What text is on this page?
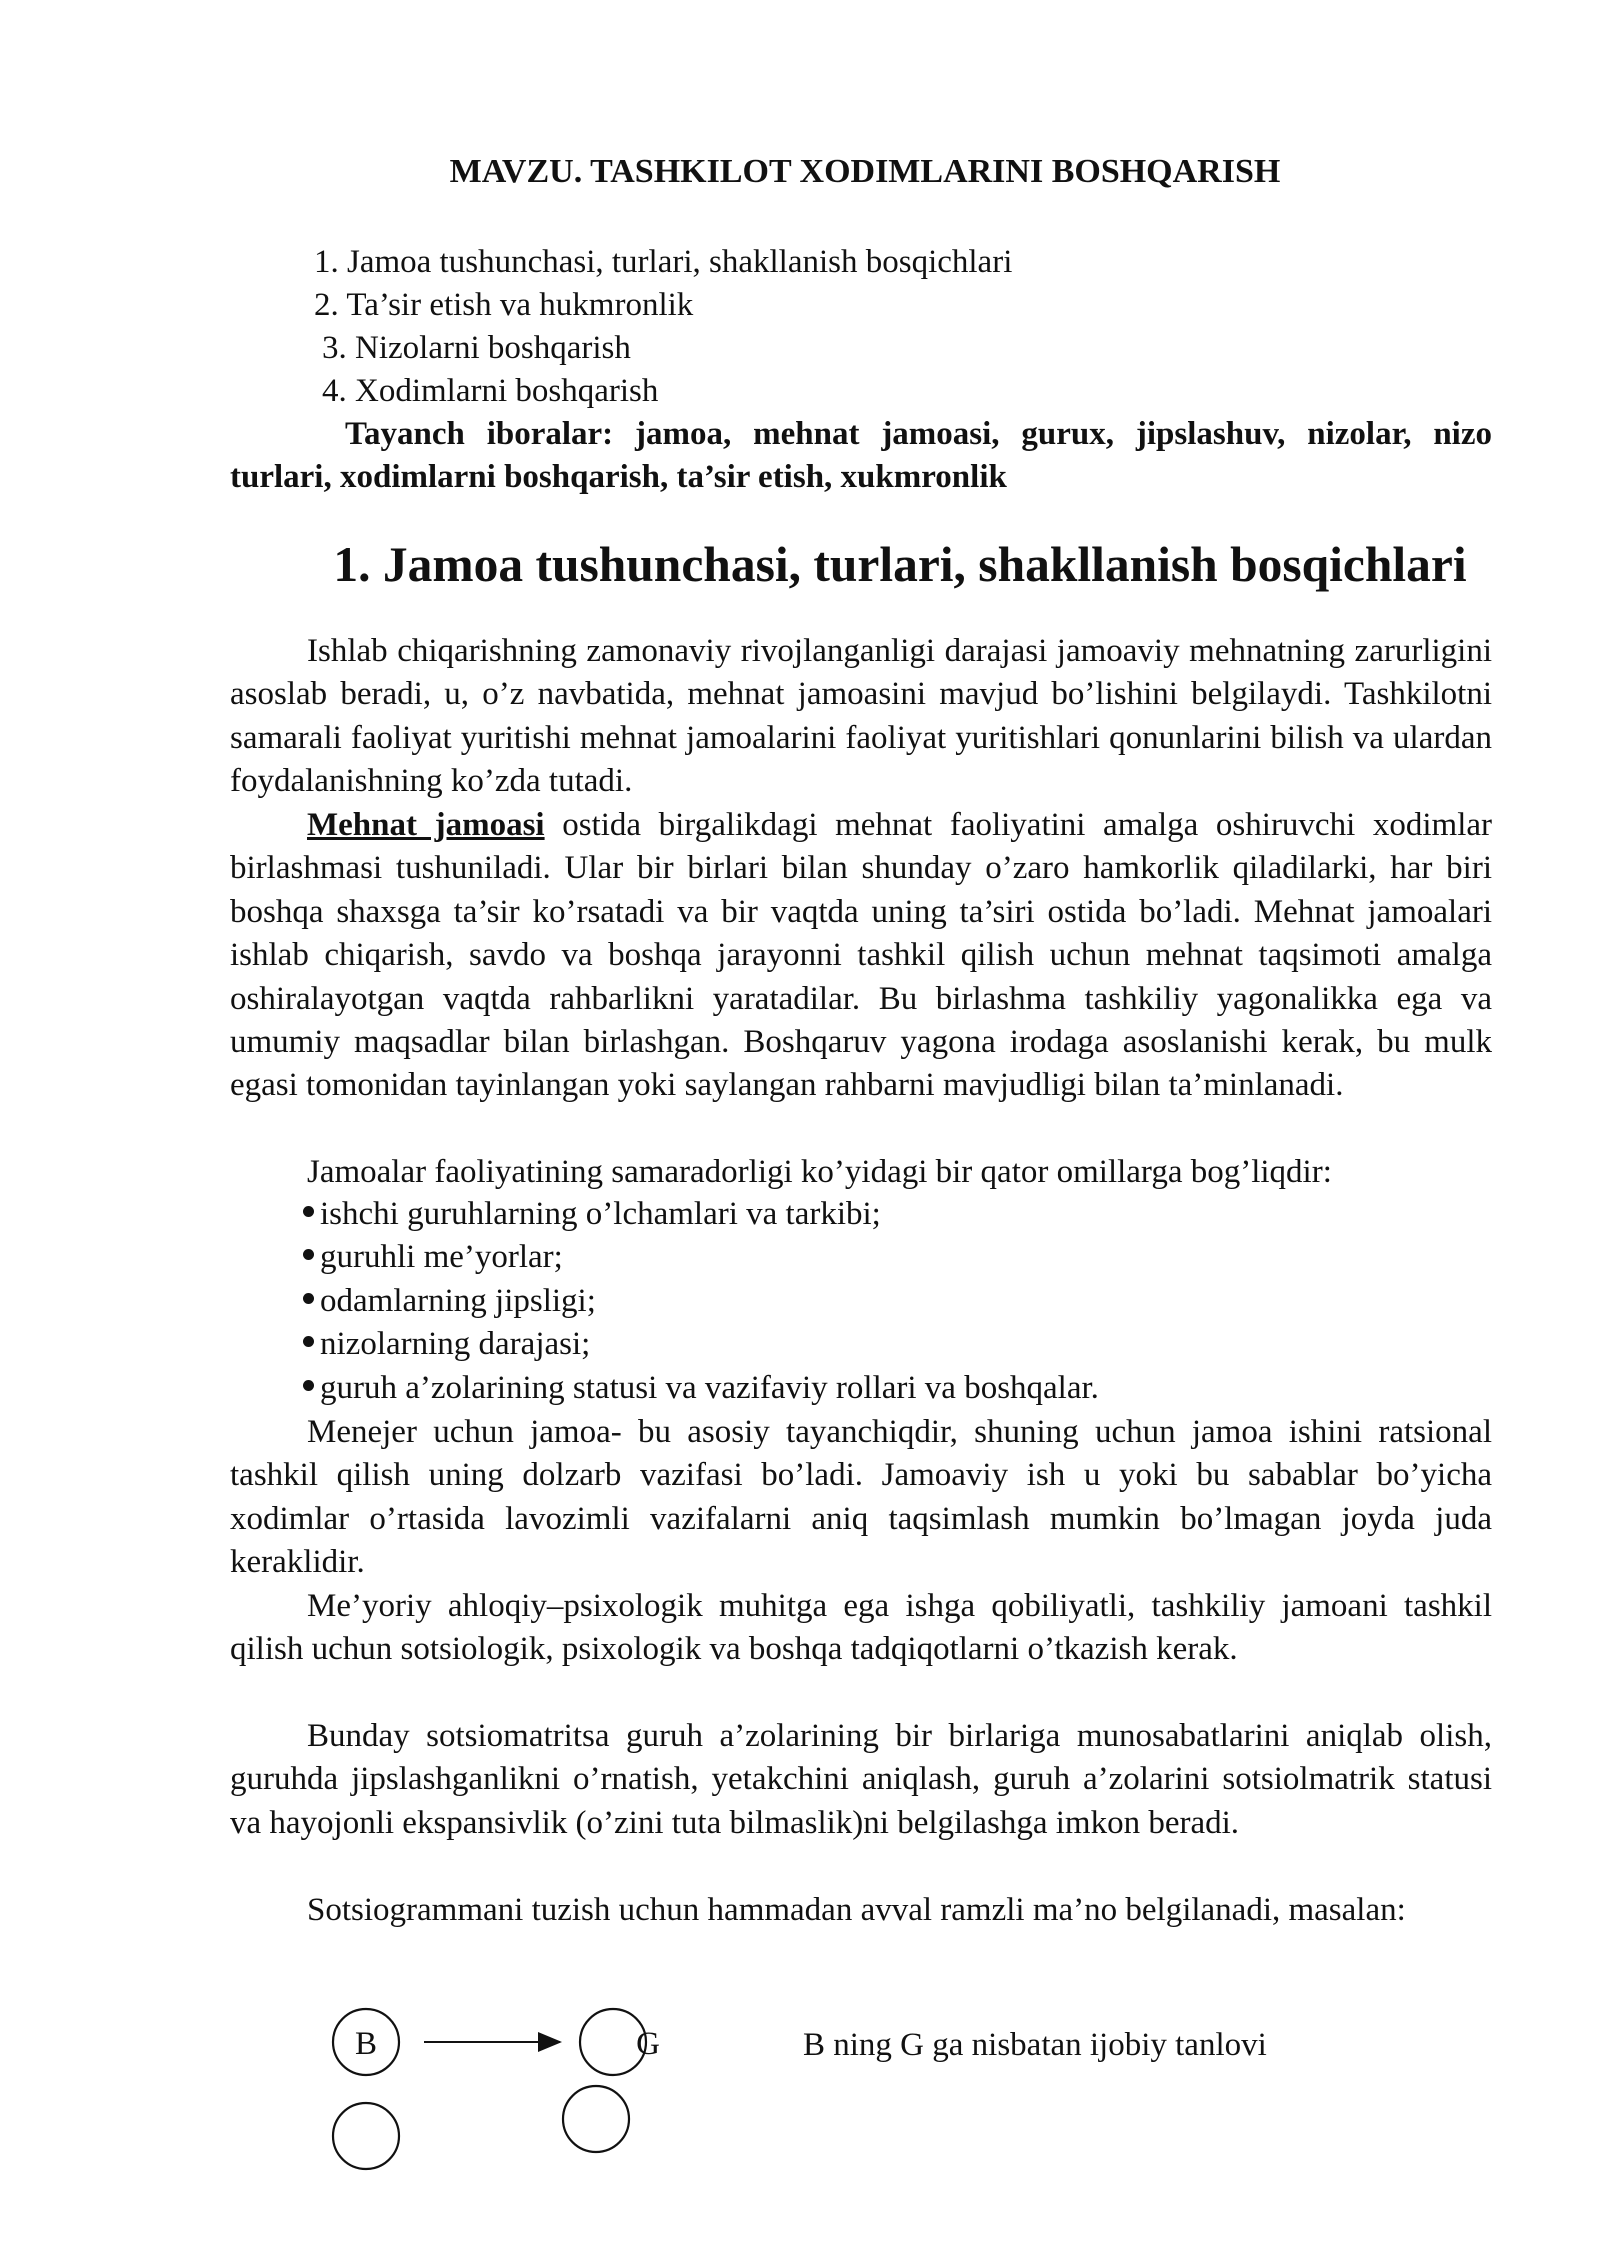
MAVZU. TASHKILOT XODIMLARINI BOSHQARISH
1. Jamoa tushunchasi, turlari, shakllanish bosqichlari
2. Ta’sir etish va hukmronlik
3. Nizolarni boshqarish
4. Xodimlarni boshqarish

Tayanch iboralar: jamoa, mehnat jamoasi, gurux, jipslashuv, nizolar, nizo turlari, xodimlarni boshqarish, ta’sir etish, xukmronlik

1. Jamoa tushunchasi, turlari, shakllanish bosqichlari

Ishlab chiqarishning zamonaviy rivojlanganligi darajasi jamoaviy mehnatning zarurligini asoslab beradi, u, o’z navbatida, mehnat jamoasini mavjud bo’lishini belgilaydi. Tashkilotni samarali faoliyat yuritishi mehnat jamoalarini faoliyat yuritishlari qonunlarini bilish va ulardan foydalanishning ko’zda tutadi.

Mehnat jamoasi ostida birgalikdagi mehnat faoliyatini amalga oshiruvchi xodimlar birlashmasi tushuniladi. Ular bir birlari bilan shunday o’zaro hamkorlik qiladilarki, har biri boshqa shaxsga ta’sir ko’rsatadi va bir vaqtda uning ta’siri ostida bo’ladi. Mehnat jamoalari ishlab chiqarish, savdo va boshqa jarayonni tashkil qilish uchun mehnat taqsimoti amalga oshiralayotgan vaqtda rahbarlikni yaratadilar. Bu birlashma tashkiliy yagonalikka ega va umumiy maqsadlar bilan birlashgan. Boshqaruv yagona irodaga asoslanishi kerak, bu mulk egasi tomonidan tayinlangan yoki saylangan rahbarni mavjudligi bilan ta’minlanadi.

Jamoalar faoliyatining samaradorligi ko’yidagi bir qator omillarga bog’liqdir:

ishchi guruhlarning o’lchamlari va tarkibi;
guruhli me’yorlar;
odamlarning jipsligi;
nizolarning darajasi;
guruh a’zolarining statusi va vazifaviy rollari va boshqalar.

Menejer uchun jamoa- bu asosiy tayanchiqdir, shuning uchun jamoa ishini ratsional tashkil qilish uning dolzarb vazifasi bo’ladi. Jamoaviy ish u yoki bu sabablar bo’yicha xodimlar o’rtasida lavozimli vazifalarni aniq taqsimlash mumkin bo’lmagan joyda juda keraklidir.

Me’yoriy ahloqiy–psixologik muhitga ega ishga qobiliyatli, tashkiliy jamoani tashkil qilish uchun sotsiologik, psixologik va boshqa tadqiqotlarni o’tkazish kerak.

Bunday sotsiomatritsa guruh a’zolarining bir birlariga munosabatlarini aniqlab olish, guruhda jipslashganlikni o’rnatish, yetakchini aniqlash, guruh a’zolarini sotsiolmatrik statusi va hayojonli ekspansivlik (o’zini tuta bilmaslik)ni belgilashga imkon beradi.

Sotsiogrammani tuzish uchun hammadan avval ramzli ma’no belgilanadi, masalan:

B	G	B ning G ga nisbatan ijobiy tanlovi
